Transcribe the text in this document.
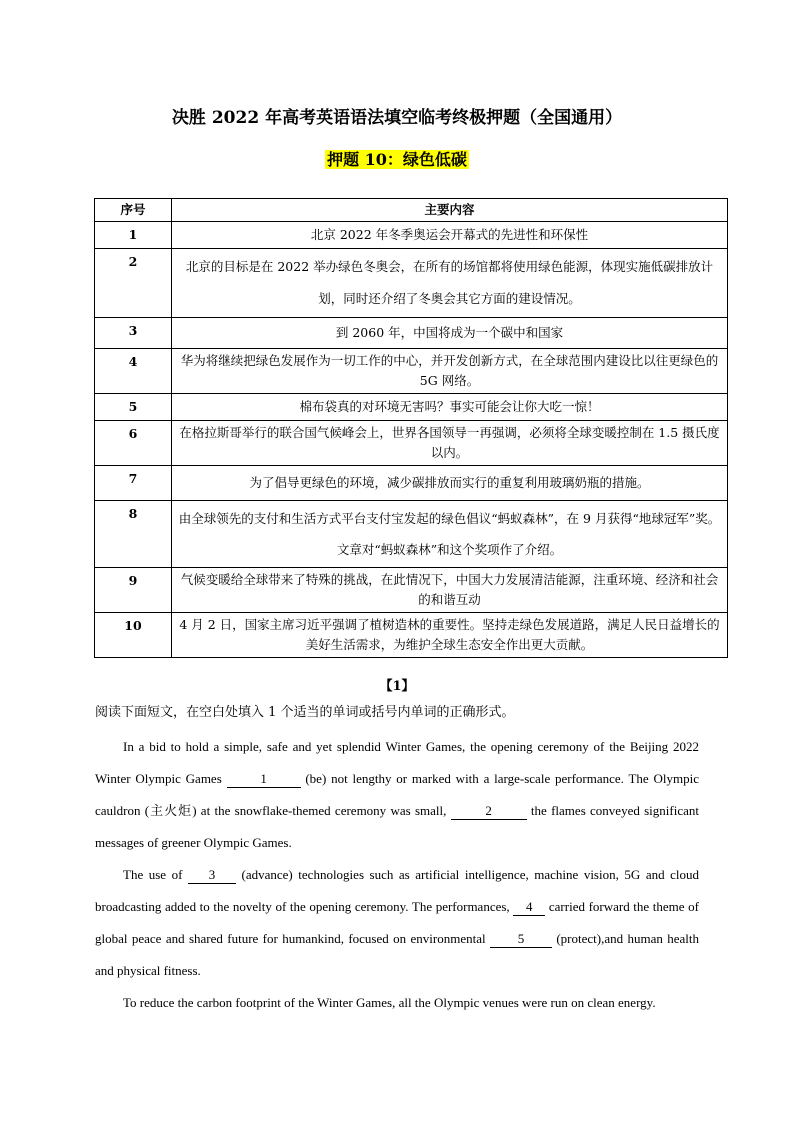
决胜 2022 年高考英语语法填空临考终极押题（全国通用）
押题 10：绿色低碳
序号	主要内容
1	北京 2022 年冬季奥运会开幕式的先进性和环保性
2	北京的目标是在 2022 举办绿色冬奥会，在所有的场馆都将使用绿色能源，体现实施低碳排放计划，同时还介绍了冬奥会其它方面的建设情况。
3	到 2060 年，中国将成为一个碳中和国家
4	华为将继续把绿色发展作为一切工作的中心，并开发创新方式，在全球范围内建设比以往更绿色的 5G 网络。
5	棉布袋真的对环境无害吗？事实可能会让你大吃一惊！
6	在格拉斯哥举行的联合国气候峰会上，世界各国领导一再强调，必须将全球变暖控制在 1.5 摄氏度以内。
7	为了倡导更绿色的环境，减少碳排放而实行的重复利用玻璃奶瓶的措施。
8	由全球领先的支付和生活方式平台支付宝发起的绿色倡议“蚂蚁森林”，在 9 月获得“地球冠军”奖。文章对“蚂蚁森林”和这个奖项作了介绍。
9	气候变暖给全球带来了特殊的挑战，在此情况下，中国大力发展清洁能源，注重环境、经济和社会的和谐互动
10	4 月 2 日，国家主席习近平强调了植树造林的重要性。坚持走绿色发展道路，满足人民日益增长的美好生活需求，为维护全球生态安全作出更大贡献。
【1】
阅读下面短文，在空白处填入 1 个适当的单词或括号内单词的正确形式。

In a bid to hold a simple, safe and yet splendid Winter Games, the opening ceremony of the Beijing 2022 Winter Olympic Games	1	(be) not lengthy or marked with a large-scale performance. The Olympic cauldron (主火炬) at the snowflake-themed ceremony was small,	2	the flames conveyed significant messages of greener Olympic Games.

The use of 3 (advance) technologies such as artificial intelligence, machine vision, 5G and cloud broadcasting added to the novelty of the opening ceremony. The performances, 4 carried forward the theme of global peace and shared future for humankind, focused on environmental 5 (protect),and human health and physical fitness.

To reduce the carbon footprint of the Winter Games, all the Olympic venues were run on clean energy.
